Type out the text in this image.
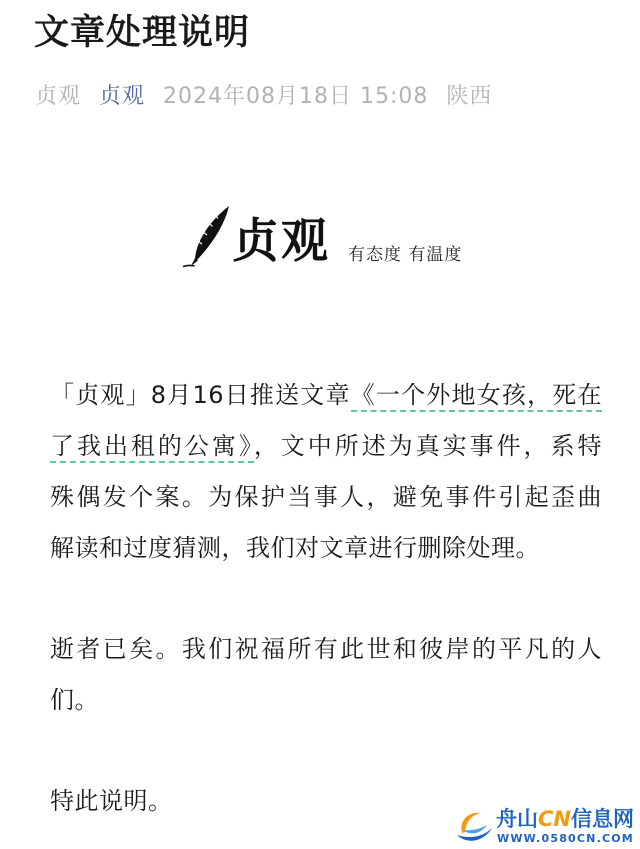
文章处理说明
贞观 贞观 2024年08月18日 15:08 陕西
贞观 有态度 有温度
「贞观」8月16日推送文章《一个外地女孩，死在
了我出租的公寓》，文中所述为真实事件，系特
殊偶发个案。为保护当事人，避免事件引起歪曲
解读和过度猜测，我们对文章进行删除处理。
逝者已矣。我们祝福所有此世和彼岸的平凡的人
们。
特此说明。
舟山CN信息网
WWW.0580CN.COM
